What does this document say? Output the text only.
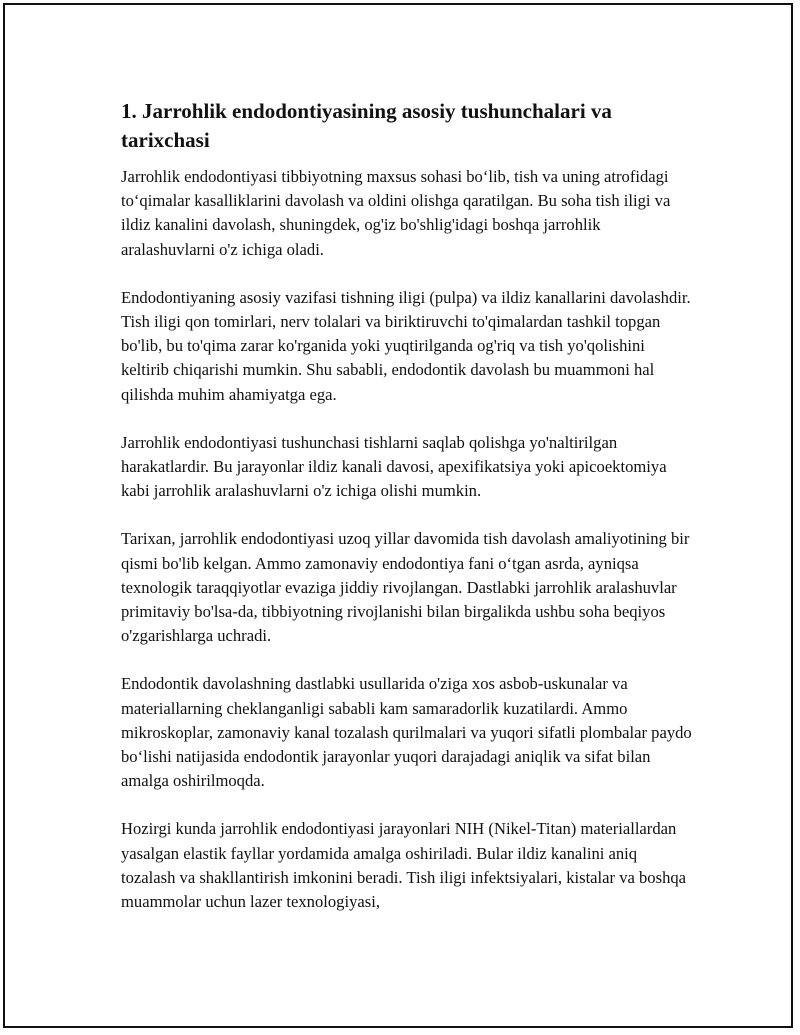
1. Jarrohlik endodontiyasining asosiy tushunchalari va tarixchasi

Jarrohlik endodontiyasi tibbiyotning maxsus sohasi bo‘lib, tish va uning atrofidagi to‘qimalar kasalliklarini davolash va oldini olishga qaratilgan. Bu soha tish iligi va ildiz kanalini davolash, shuningdek, og'iz bo'shlig'idagi boshqa jarrohlik aralashuvlarni o'z ichiga oladi.

Endodontiyaning asosiy vazifasi tishning iligi (pulpa) va ildiz kanallarini davolashdir. Tish iligi qon tomirlari, nerv tolalari va biriktiruvchi to'qimalardan tashkil topgan bo'lib, bu to'qima zarar ko'rganida yoki yuqtirilganda og'riq va tish yo'qolishini keltirib chiqarishi mumkin. Shu sababli, endodontik davolash bu muammoni hal qilishda muhim ahamiyatga ega.

Jarrohlik endodontiyasi tushunchasi tishlarni saqlab qolishga yo'naltirilgan harakatlardir. Bu jarayonlar ildiz kanali davosi, apexifikatsiya yoki apicoektomiya kabi jarrohlik aralashuvlarni o'z ichiga olishi mumkin.

Tarixan, jarrohlik endodontiyasi uzoq yillar davomida tish davolash amaliyotining bir qismi bo'lib kelgan. Ammo zamonaviy endodontiya fani o‘tgan asrda, ayniqsa texnologik taraqqiyotlar evaziga jiddiy rivojlangan. Dastlabki jarrohlik aralashuvlar primitaviy bo'lsa-da, tibbiyotning rivojlanishi bilan birgalikda ushbu soha beqiyos o'zgarishlarga uchradi.

Endodontik davolashning dastlabki usullarida o'ziga xos asbob-uskunalar va materiallarning cheklanganligi sababli kam samaradorlik kuzatilardi. Ammo mikroskoplar, zamonaviy kanal tozalash qurilmalari va yuqori sifatli plombalar paydo bo‘lishi natijasida endodontik jarayonlar yuqori darajadagi aniqlik va sifat bilan amalga oshirilmoqda.

Hozirgi kunda jarrohlik endodontiyasi jarayonlari NIH (Nikel-Titan) materiallardan yasalgan elastik fayllar yordamida amalga oshiriladi. Bular ildiz kanalini aniq tozalash va shakllantirish imkonini beradi. Tish iligi infektsiyalari, kistalar va boshqa muammolar uchun lazer texnologiyasi,
